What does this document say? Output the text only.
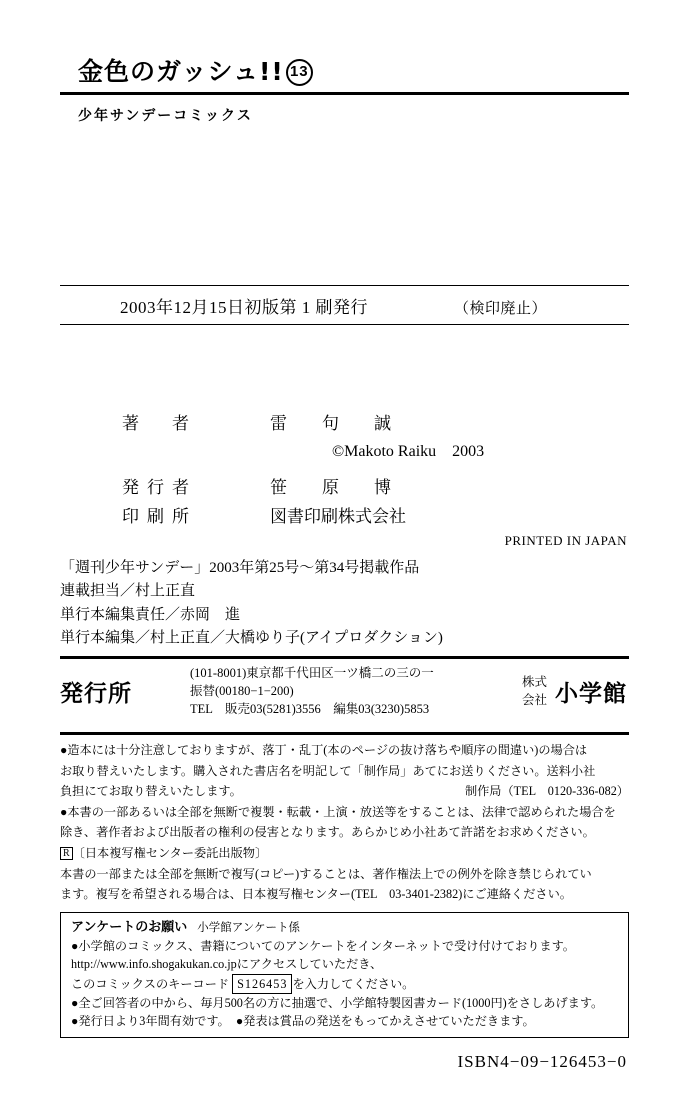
金色のガッシュ!! 13
少年サンデーコミックス
2003年12月15日初版第 1 刷発行	（検印廃止）
著　者	雷　句　誠
©Makoto Raiku　2003
発行者	笹　原　博
印刷所	図書印刷株式会社
PRINTED IN JAPAN
「週刊少年サンデー」2003年第25号〜第34号掲載作品
連載担当／村上正直
単行本編集責任／赤岡　進
単行本編集／村上正直／大橋ゆり子(アイプロダクション)
発行所
(101-8001)東京都千代田区一ツ橋二の三の一
振替(00180−1−200)
TEL　販売03(5281)3556　編集03(3230)5853
株式
会社 小学館

●造本には十分注意しておりますが、落丁・乱丁(本のページの抜け落ちや順序の間違い)の場合は

お取り替えいたします。購入された書店名を明記して「制作局」あてにお送りください。送料小社

負担にてお取り替えいたします。	制作局（TEL　0120-336-082）

●本書の一部あるいは全部を無断で複製・転載・上演・放送等をすることは、法律で認められた場合を

除き、著作者および出版者の権利の侵害となります。あらかじめ小社あて許諾をお求めください。

R 〔日本複写権センター委託出版物〕

本書の一部または全部を無断で複写(コピー)することは、著作権法上での例外を除き禁じられてい

ます。複写を希望される場合は、日本複写権センター(TEL　03-3401-2382)にご連絡ください。

アンケートのお願い 小学館アンケート係

●小学館のコミックス、書籍についてのアンケートをインターネットで受け付けております。

http://www.info.shogakukan.co.jpにアクセスしていただき、

このコミックスのキーコード S126453 を入力してください。

●全ご回答者の中から、毎月500名の方に抽選で、小学館特製図書カード(1000円)をさしあげます。

●発行日より3年間有効です。　●発表は賞品の発送をもってかえさせていただきます。

ISBN4−09−126453−0
